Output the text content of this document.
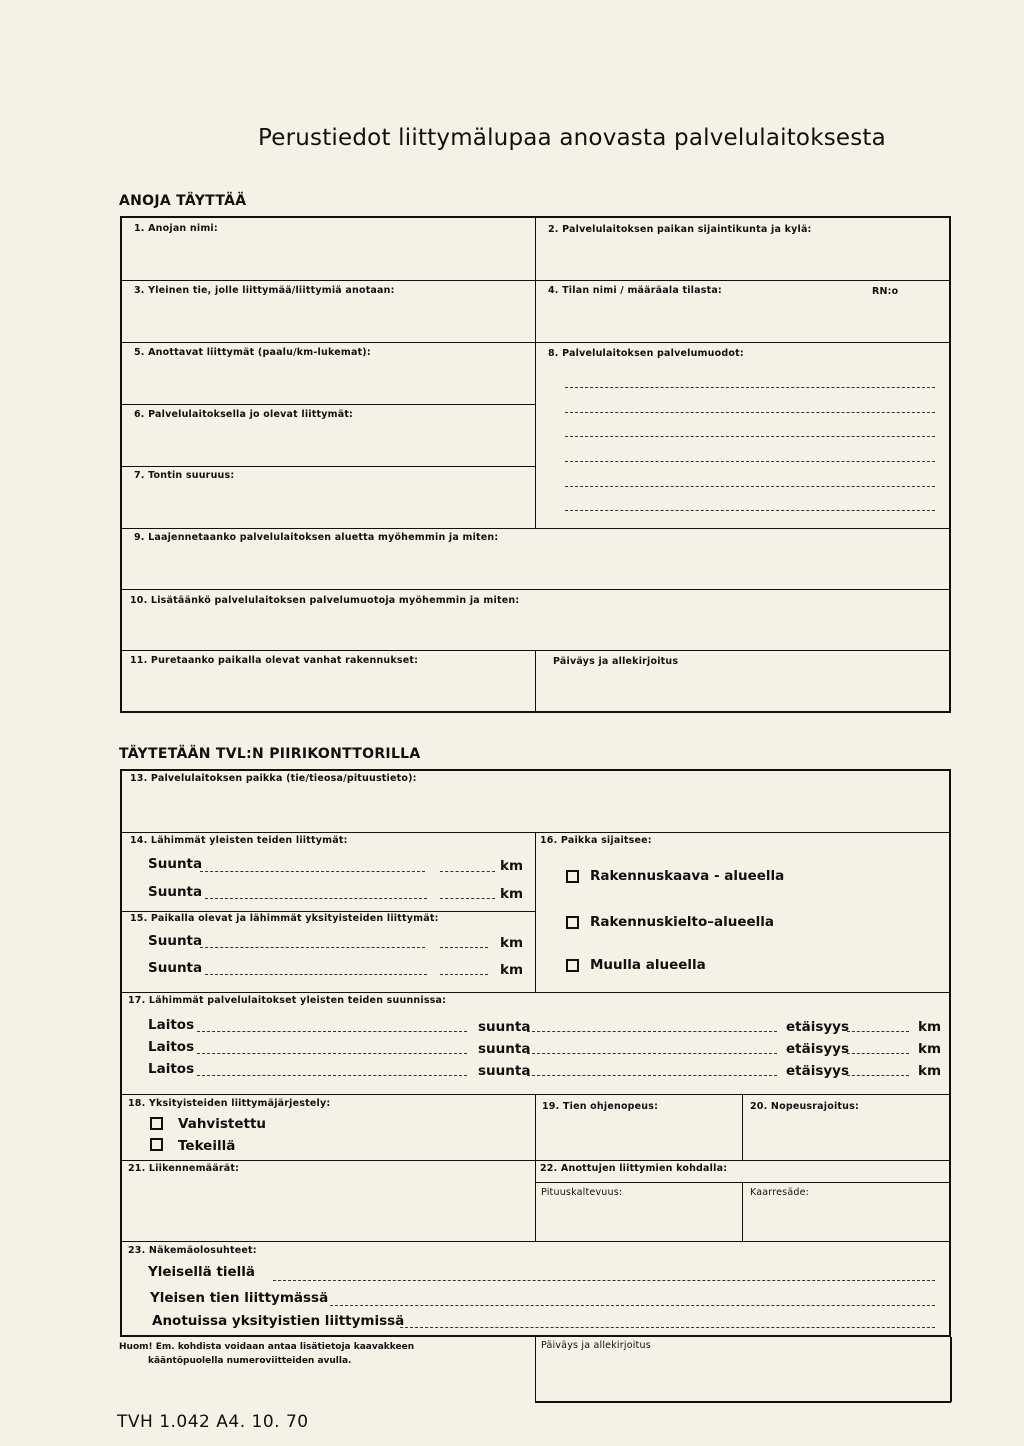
Perustiedot liittymälupaa anovasta palvelulaitoksesta
ANOJA TÄYTTÄÄ
1. Anojan nimi:	2. Palvelulaitoksen paikan sijaintikunta ja kylä:
3. Yleinen tie, jolle liittymää/liittymiä anotaan:	4. Tilan nimi / määräala tilasta:	RN:o
5. Anottavat liittymät (paalu/km-lukemat):
6. Palvelulaitoksella jo olevat liittymät:
7. Tontin suuruus:
8. Palvelulaitoksen palvelumuodot:
9. Laajennetaanko palvelulaitoksen aluetta myöhemmin ja miten:
10. Lisätäänkö palvelulaitoksen palvelumuotoja myöhemmin ja miten:
11. Puretaanko paikalla olevat vanhat rakennukset:	Päiväys ja allekirjoitus
TÄYTETÄÄN TVL:N PIIRIKONTTORILLA
13. Palvelulaitoksen paikka (tie/tieosa/pituustieto):
14. Lähimmät yleisten teiden liittymät:
Suunta	km
Suunta	km
15. Paikalla olevat ja lähimmät yksityisteiden liittymät:
Suunta	km
Suunta	km
16. Paikka sijaitsee:
Rakennuskaava - alueella
Rakennuskielto–alueella
Muulla alueella
17. Lähimmät palvelulaitokset yleisten teiden suunnissa:
Laitos	suunta	etäisyys	km
Laitos	suunta	etäisyys	km
Laitos	suunta	etäisyys	km
18. Yksityisteiden liittymäjärjestely:
Vahvistettu
Tekeillä
19. Tien ohjenopeus:	20. Nopeusrajoitus:
21. Liikennemäärät:	22. Anottujen liittymien kohdalla:
Pituuskaltevuus:	Kaarresäde:
23. Näkemäolosuhteet:
Yleisellä tiellä
Yleisen tien liittymässä
Anotuissa yksityistien liittymissä
Huom! Em. kohdista voidaan antaa lisätietoja kaavakkeen
kääntöpuolella numeroviitteiden avulla.
Päiväys ja allekirjoitus
TVH 1.042 A4. 10. 70
